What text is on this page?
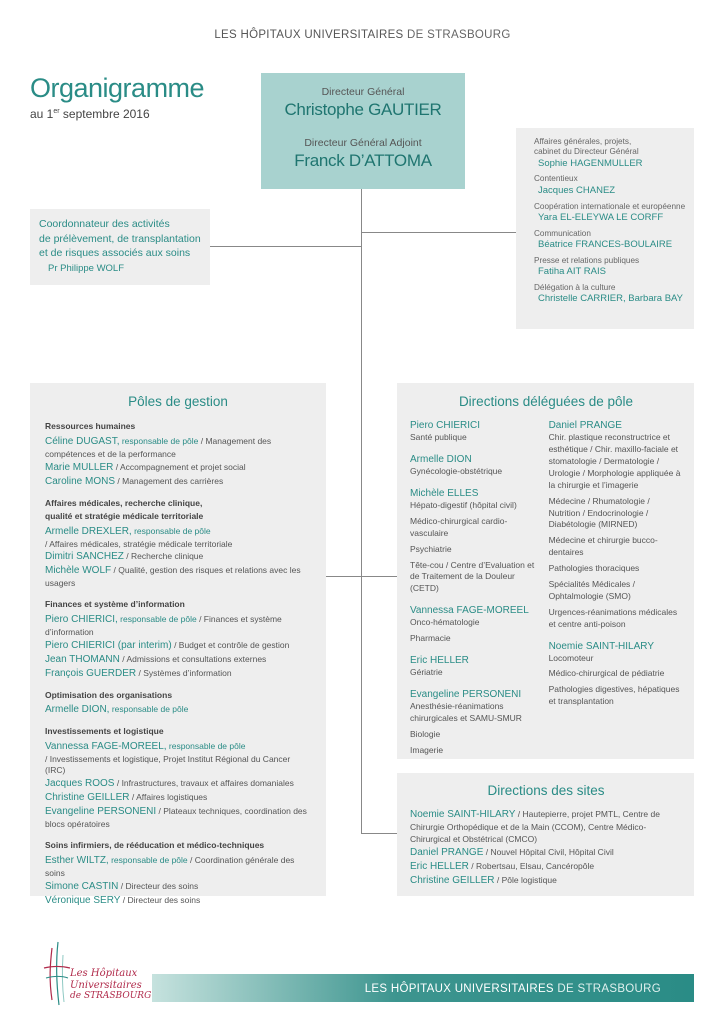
LES HÔPITAUX UNIVERSITAIRES DE STRASBOURG
Organigramme
au 1er septembre 2016
Directeur Général
Christophe GAUTIER
Directeur Général Adjoint
Franck D’ATTOMA
Affaires générales, projets, cabinet du Directeur Général
Sophie HAGENMULLER
Contentieux
Jacques CHANEZ
Coopération internationale et européenne
Yara EL-ELEYWA LE CORFF
Communication
Béatrice FRANCES-BOULAIRE
Presse et relations publiques
Fatiha AIT RAIS
Délégation à la culture
Christelle CARRIER, Barbara BAY
Coordonnateur des activités
de prélèvement, de transplantation
et de risques associés aux soins
Pr Philippe WOLF
Pôles de gestion
Ressources humaines
Céline DUGAST, responsable de pôle / Management des compétences et de la performance
Marie MULLER / Accompagnement et projet social
Caroline MONS / Management des carrières
Affaires médicales, recherche clinique,
qualité et stratégie médicale territoriale
Armelle DREXLER, responsable de pôle
/ Affaires médicales, stratégie médicale territoriale
Dimitri SANCHEZ / Recherche clinique
Michèle WOLF / Qualité, gestion des risques et relations avec les usagers
Finances et système d’information
Piero CHIERICI, responsable de pôle / Finances et système d’information
Piero CHIERICI (par interim) / Budget et contrôle de gestion
Jean THOMANN / Admissions et consultations externes
François GUERDER / Systèmes d’information
Optimisation des organisations
Armelle DION, responsable de pôle
Investissements et logistique
Vannessa FAGE-MOREEL, responsable de pôle
/ Investissements et logistique, Projet Institut Régional du Cancer (IRC)
Jacques ROOS / Infrastructures, travaux et affaires domaniales
Christine GEILLER / Affaires logistiques
Evangeline PERSONENI / Plateaux techniques, coordination des blocs opératoires
Soins infirmiers, de rééducation et médico-techniques
Esther WILTZ, responsable de pôle / Coordination générale des soins
Simone CASTIN / Directeur des soins
Véronique SERY / Directeur des soins
Directions déléguées de pôle
Piero CHIERICI
Santé publique
Armelle DION
Gynécologie-obstétrique
Michèle ELLES
Hépato-digestif (hôpital civil)
Médico-chirurgical cardio-vasculaire
Psychiatrie
Tête-cou / Centre d’Evaluation et de Traitement de la Douleur (CETD)
Vannessa FAGE-MOREEL
Onco-hématologie
Pharmacie
Eric HELLER
Gériatrie
Evangeline PERSONENI
Anesthésie-réanimations chirurgicales et SAMU-SMUR
Biologie
Imagerie
Daniel PRANGE
Chir. plastique reconstructrice et esthétique / Chir. maxillo-faciale et stomatologie / Dermatologie / Urologie / Morphologie appliquée à la chirurgie et l’imagerie
Médecine / Rhumatologie / Nutrition / Endocrinologie / Diabétologie (MIRNED)
Médecine et chirurgie bucco-dentaires
Pathologies thoraciques
Spécialités Médicales / Ophtalmologie (SMO)
Urgences-réanimations médicales et centre anti-poison
Noemie SAINT-HILARY
Locomoteur
Médico-chirurgical de pédiatrie
Pathologies digestives, hépatiques et transplantation
Directions des sites
Noemie SAINT-HILARY / Hautepierre, projet PMTL, Centre de Chirurgie Orthopédique et de la Main (CCOM), Centre Médico-Chirurgical et Obstétrical (CMCO)
Daniel PRANGE / Nouvel Hôpital Civil, Hôpital Civil
Eric HELLER / Robertsau, Elsau, Cancéropôle
Christine GEILLER / Pôle logistique
Les Hôpitaux
Universitaires
de STRASBOURG
LES HÔPITAUX UNIVERSITAIRES DE STRASBOURG
